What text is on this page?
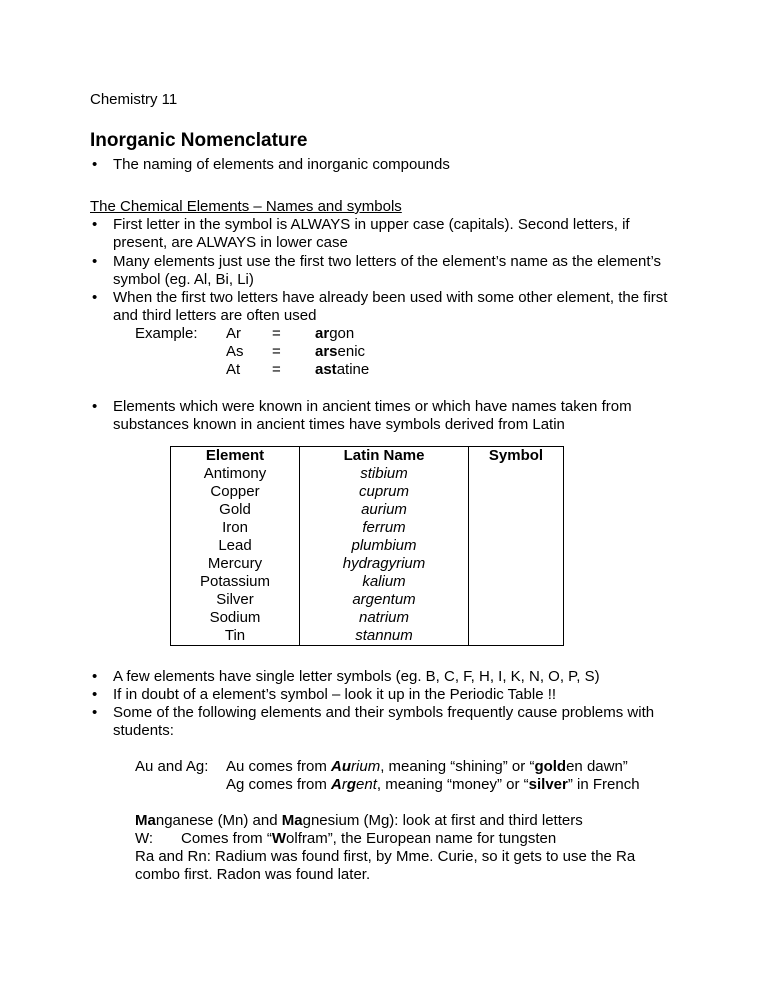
Chemistry 11
Inorganic Nomenclature
• The naming of elements and inorganic compounds
The Chemical Elements – Names and symbols
• First letter in the symbol is ALWAYS in upper case (capitals). Second letters, if
present, are ALWAYS in lower case
• Many elements just use the first two letters of the element’s name as the element’s
symbol (eg. Al, Bi, Li)
• When the first two letters have already been used with some other element, the first
and third letters are often used
Example: Ar = argon
As = arsenic
At = astatine
• Elements which were known in ancient times or which have names taken from
substances known in ancient times have symbols derived from Latin
Element	Latin Name	Symbol
Antimony	stibium	
Copper	cuprum	
Gold	aurium	
Iron	ferrum	
Lead	plumbium	
Mercury	hydragyrium	
Potassium	kalium	
Silver	argentum	
Sodium	natrium	
Tin	stannum	
• A few elements have single letter symbols (eg. B, C, F, H, I, K, N, O, P, S)
• If in doubt of a element’s symbol – look it up in the Periodic Table !!
• Some of the following elements and their symbols frequently cause problems with
students:
Au and Ag: Au comes from Aurium, meaning “shining” or “golden dawn”
Ag comes from Argent, meaning “money” or “silver” in French
Manganese (Mn) and Magnesium (Mg): look at first and third letters
W: Comes from “Wolfram”, the European name for tungsten
Ra and Rn: Radium was found first, by Mme. Curie, so it gets to use the Ra
combo first. Radon was found later.
